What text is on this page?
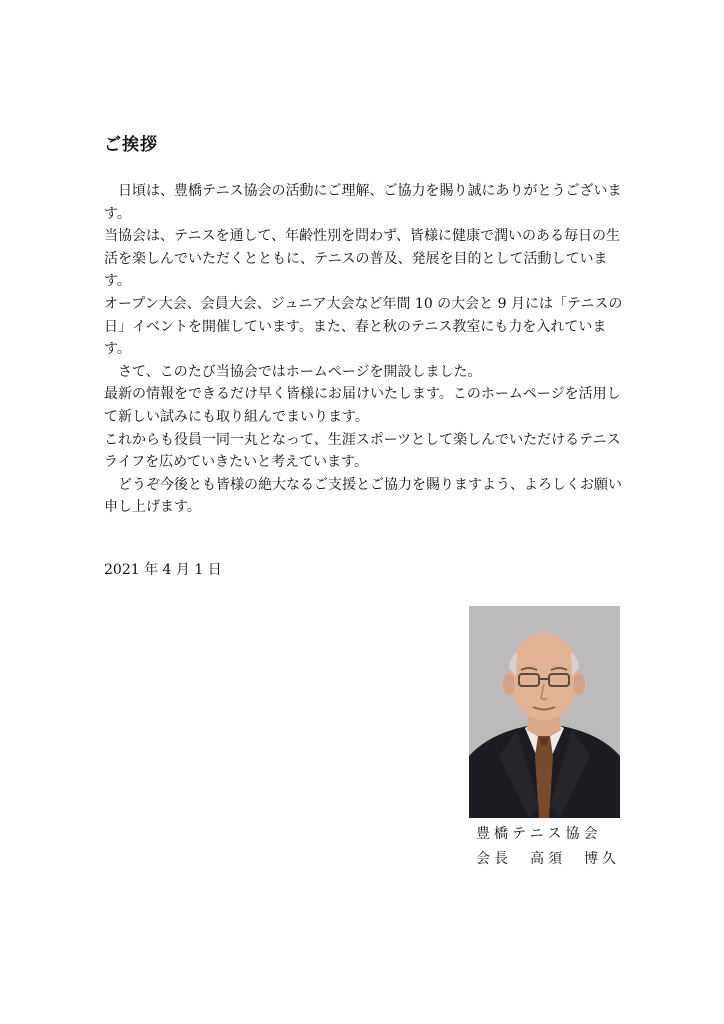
ご挨拶

　日頃は、豊橋テニス協会の活動にご理解、ご協力を賜り誠にありがとうございます。

当協会は、テニスを通して、年齢性別を問わず、皆様に健康で潤いのある毎日の生活を楽しんでいただくとともに、テニスの普及、発展を目的として活動しています。

オープン大会、会員大会、ジュニア大会など年間 10 の大会と 9 月には「テニスの日」イベントを開催しています。また、春と秋のテニス教室にも力を入れています。

　さて、このたび当協会ではホームページを開設しました。

最新の情報をできるだけ早く皆様にお届けいたします。このホームページを活用して新しい試みにも取り組んでまいります。

これからも役員一同一丸となって、生涯スポーツとして楽しんでいただけるテニスライフを広めていきたいと考えています。

　どうぞ今後とも皆様の絶大なるご支援とご協力を賜りますよう、よろしくお願い申し上げます。

2021 年 4 月 1 日
豊橋テニス協会
会長　高須　博久
